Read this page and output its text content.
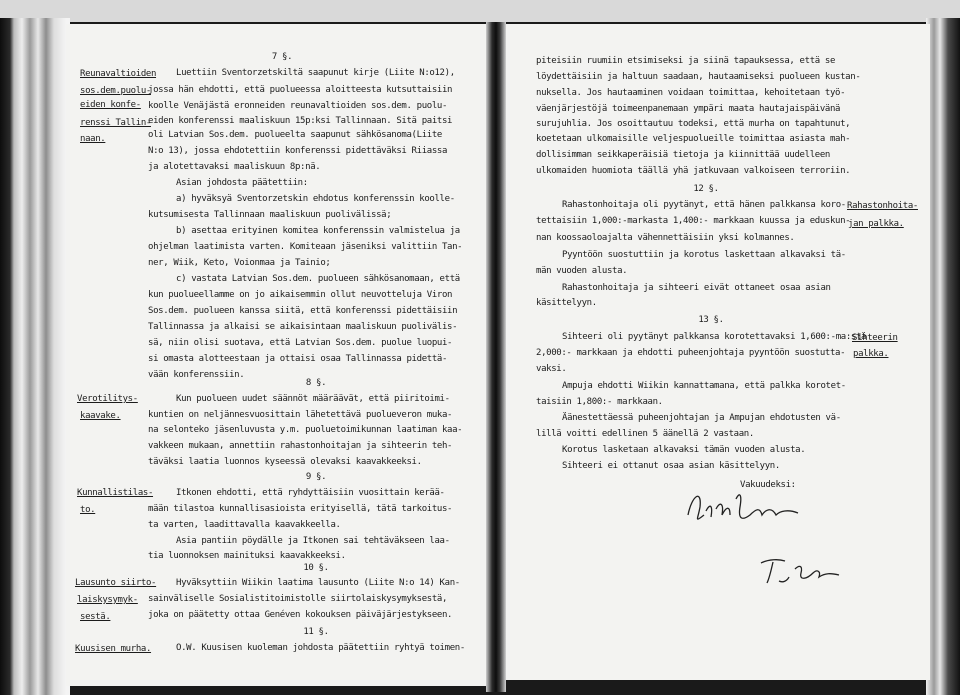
Reunavaltioiden
sos.dem.puolu-
eiden konfe-
renssi Tallin-
naan.
Verotilitys-
kaavake.
Kunnallistilas-
to.
Lausunto siirto-
laiskysymyk-
sestä.
Kuusisen murha.
7 §.
Luettiin Sventorzetskiltä saapunut kirje (Liite N:o12),
jossa hän ehdotti, että puolueessa aloitteesta kutsuttaisiin
koolle Venäjästä eronneiden reunavaltioiden sos.dem. puolu-
eiden konferenssi maaliskuun 15p:ksi Tallinnaan. Sitä paitsi
oli Latvian Sos.dem. puolueelta saapunut sähkösanoma(Liite
N:o 13), jossa ehdotettiin konferenssi pidettäväksi Riiassa
ja alotettavaksi maaliskuun 8p:nä.
Asian johdosta päätettiin:
a) hyväksyä Sventorzetskin ehdotus konferenssin koolle-
kutsumisesta Tallinnaan maaliskuun puolivälissä;
b) asettaa erityinen komitea konferenssin valmistelua ja
ohjelman laatimista varten. Komiteaan jäseniksi valittiin Tan-
ner, Wiik, Keto, Voionmaa ja Tainio;
c) vastata Latvian Sos.dem. puolueen sähkösanomaan, että
kun puolueellamme on jo aikaisemmin ollut neuvotteluja Viron
Sos.dem. puolueen kanssa siitä, että konferenssi pidettäisiin
Tallinnassa ja alkaisi se aikaisintaan maaliskuun puolivälis-
sä, niin olisi suotava, että Latvian Sos.dem. puolue luopui-
si omasta alotteestaan ja ottaisi osaa Tallinnassa pidettä-
vään konferenssiin.
8 §.
Kun puolueen uudet säännöt määräävät, että piiritoimi-
kuntien on neljännesvuosittain lähetettävä puolueveron muka-
na selonteko jäsenluvusta y.m. puoluetoimikunnan laatiman kaa-
vakkeen mukaan, annettiin rahastonhoitajan ja sihteerin teh-
täväksi laatia luonnos kyseessä olevaksi kaavakkeeksi.
9 §.
Itkonen ehdotti, että ryhdyttäisiin vuosittain kerää-
mään tilastoa kunnallisasioista erityisellä, tätä tarkoitus-
ta varten, laadittavalla kaavakkeella.
Asia pantiin pöydälle ja Itkonen sai tehtäväkseen laa-
tia luonnoksen mainituksi kaavakkeeksi.
10 §.
Hyväksyttiin Wiikin laatima lausunto (Liite N:o 14) Kan-
sainväliselle Sosialistitoimistolle siirtolaiskysymyksestä,
joka on päätetty ottaa Genéven kokouksen päiväjärjestykseen.
11 §.
O.W. Kuusisen kuoleman johdosta päätettiin ryhtyä toimen-
piteisiin ruumiin etsimiseksi ja siinä tapauksessa, että se
löydettäisiin ja haltuun saadaan, hautaamiseksi puolueen kustan-
nuksella. Jos hautaaminen voidaan toimittaa, kehoitetaan työ-
väenjärjestöjä toimeenpanemaan ympäri maata hautajaispäivänä
surujuhlia. Jos osoittautuu todeksi, että murha on tapahtunut,
koetetaan ulkomaisille veljespuolueille toimittaa asiasta mah-
dollisimman seikkaperäisiä tietoja ja kiinnittää uudelleen
ulkomaiden huomiota täällä yhä jatkuvaan valkoiseen terroriin.
12 §.
Rahastonhoitaja oli pyytänyt, että hänen palkkansa koro-
tettaisiin 1,000:-markasta 1,400:- markkaan kuussa ja eduskun-
nan koossaoloajalta vähennettäisiin yksi kolmannes.
Pyyntöön suostuttiin ja korotus laskettaan alkavaksi tä-
män vuoden alusta.
Rahastonhoitaja ja sihteeri eivät ottaneet osaa asian
käsittelyyn.
13 §.
Sihteeri oli pyytänyt palkkansa korotettavaksi 1,600:-ma:stä
2,000:- markkaan ja ehdotti puheenjohtaja pyyntöön suostutta-
vaksi.
Ampuja ehdotti Wiikin kannattamana, että palkka korotet-
taisiin 1,800:- markkaan.
Äänestettäessä puheenjohtajan ja Ampujan ehdotusten vä-
lillä voitti edellinen 5 äänellä 2 vastaan.
Korotus lasketaan alkavaksi tämän vuoden alusta.
Sihteeri ei ottanut osaa asian käsittelyyn.
Vakuudeksi:
Rahastonhoita-
jan palkka.
Sihteerin
palkka.
